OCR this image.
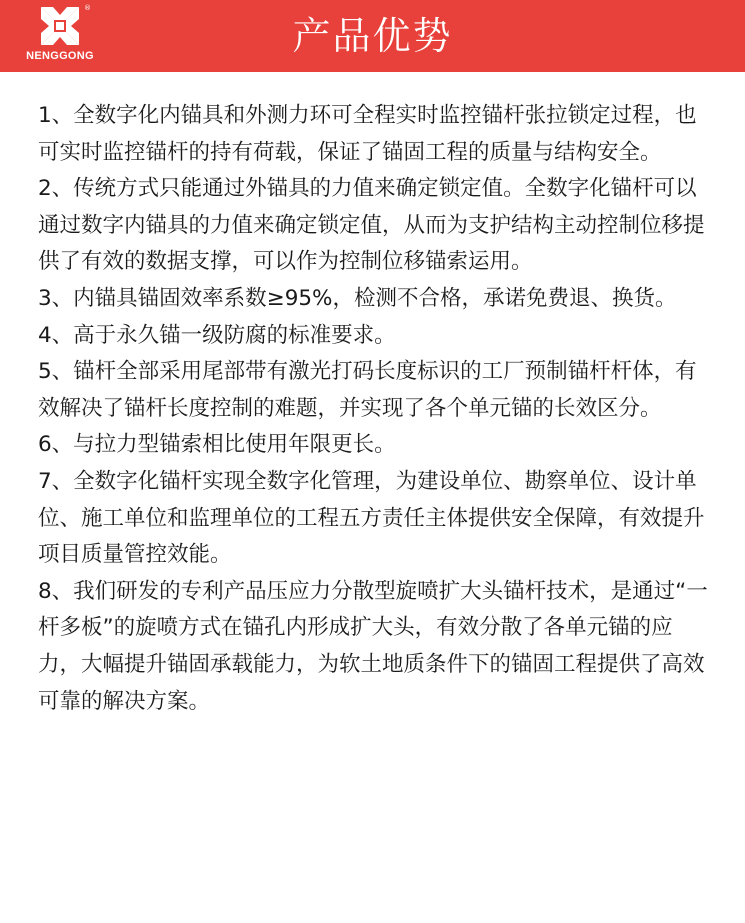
®
NENGGONG	产品优势

1、全数字化内锚具和外测力环可全程实时监控锚杆张拉锁定过程，也可实时监控锚杆的持有荷载，保证了锚固工程的质量与结构安全。

2、传统方式只能通过外锚具的力值来确定锁定值。全数字化锚杆可以通过数字内锚具的力值来确定锁定值，从而为支护结构主动控制位移提供了有效的数据支撑，可以作为控制位移锚索运用。

3、内锚具锚固效率系数≥95%，检测不合格，承诺免费退、换货。

4、高于永久锚一级防腐的标准要求。

5、锚杆全部采用尾部带有激光打码长度标识的工厂预制锚杆杆体，有效解决了锚杆长度控制的难题，并实现了各个单元锚的长效区分。

6、与拉力型锚索相比使用年限更长。

7、全数字化锚杆实现全数字化管理，为建设单位、勘察单位、设计单位、施工单位和监理单位的工程五方责任主体提供安全保障，有效提升项目质量管控效能。

8、我们研发的专利产品压应力分散型旋喷扩大头锚杆技术，是通过“一杆多板”的旋喷方式在锚孔内形成扩大头，有效分散了各单元锚的应力，大幅提升锚固承载能力，为软土地质条件下的锚固工程提供了高效可靠的解决方案。
